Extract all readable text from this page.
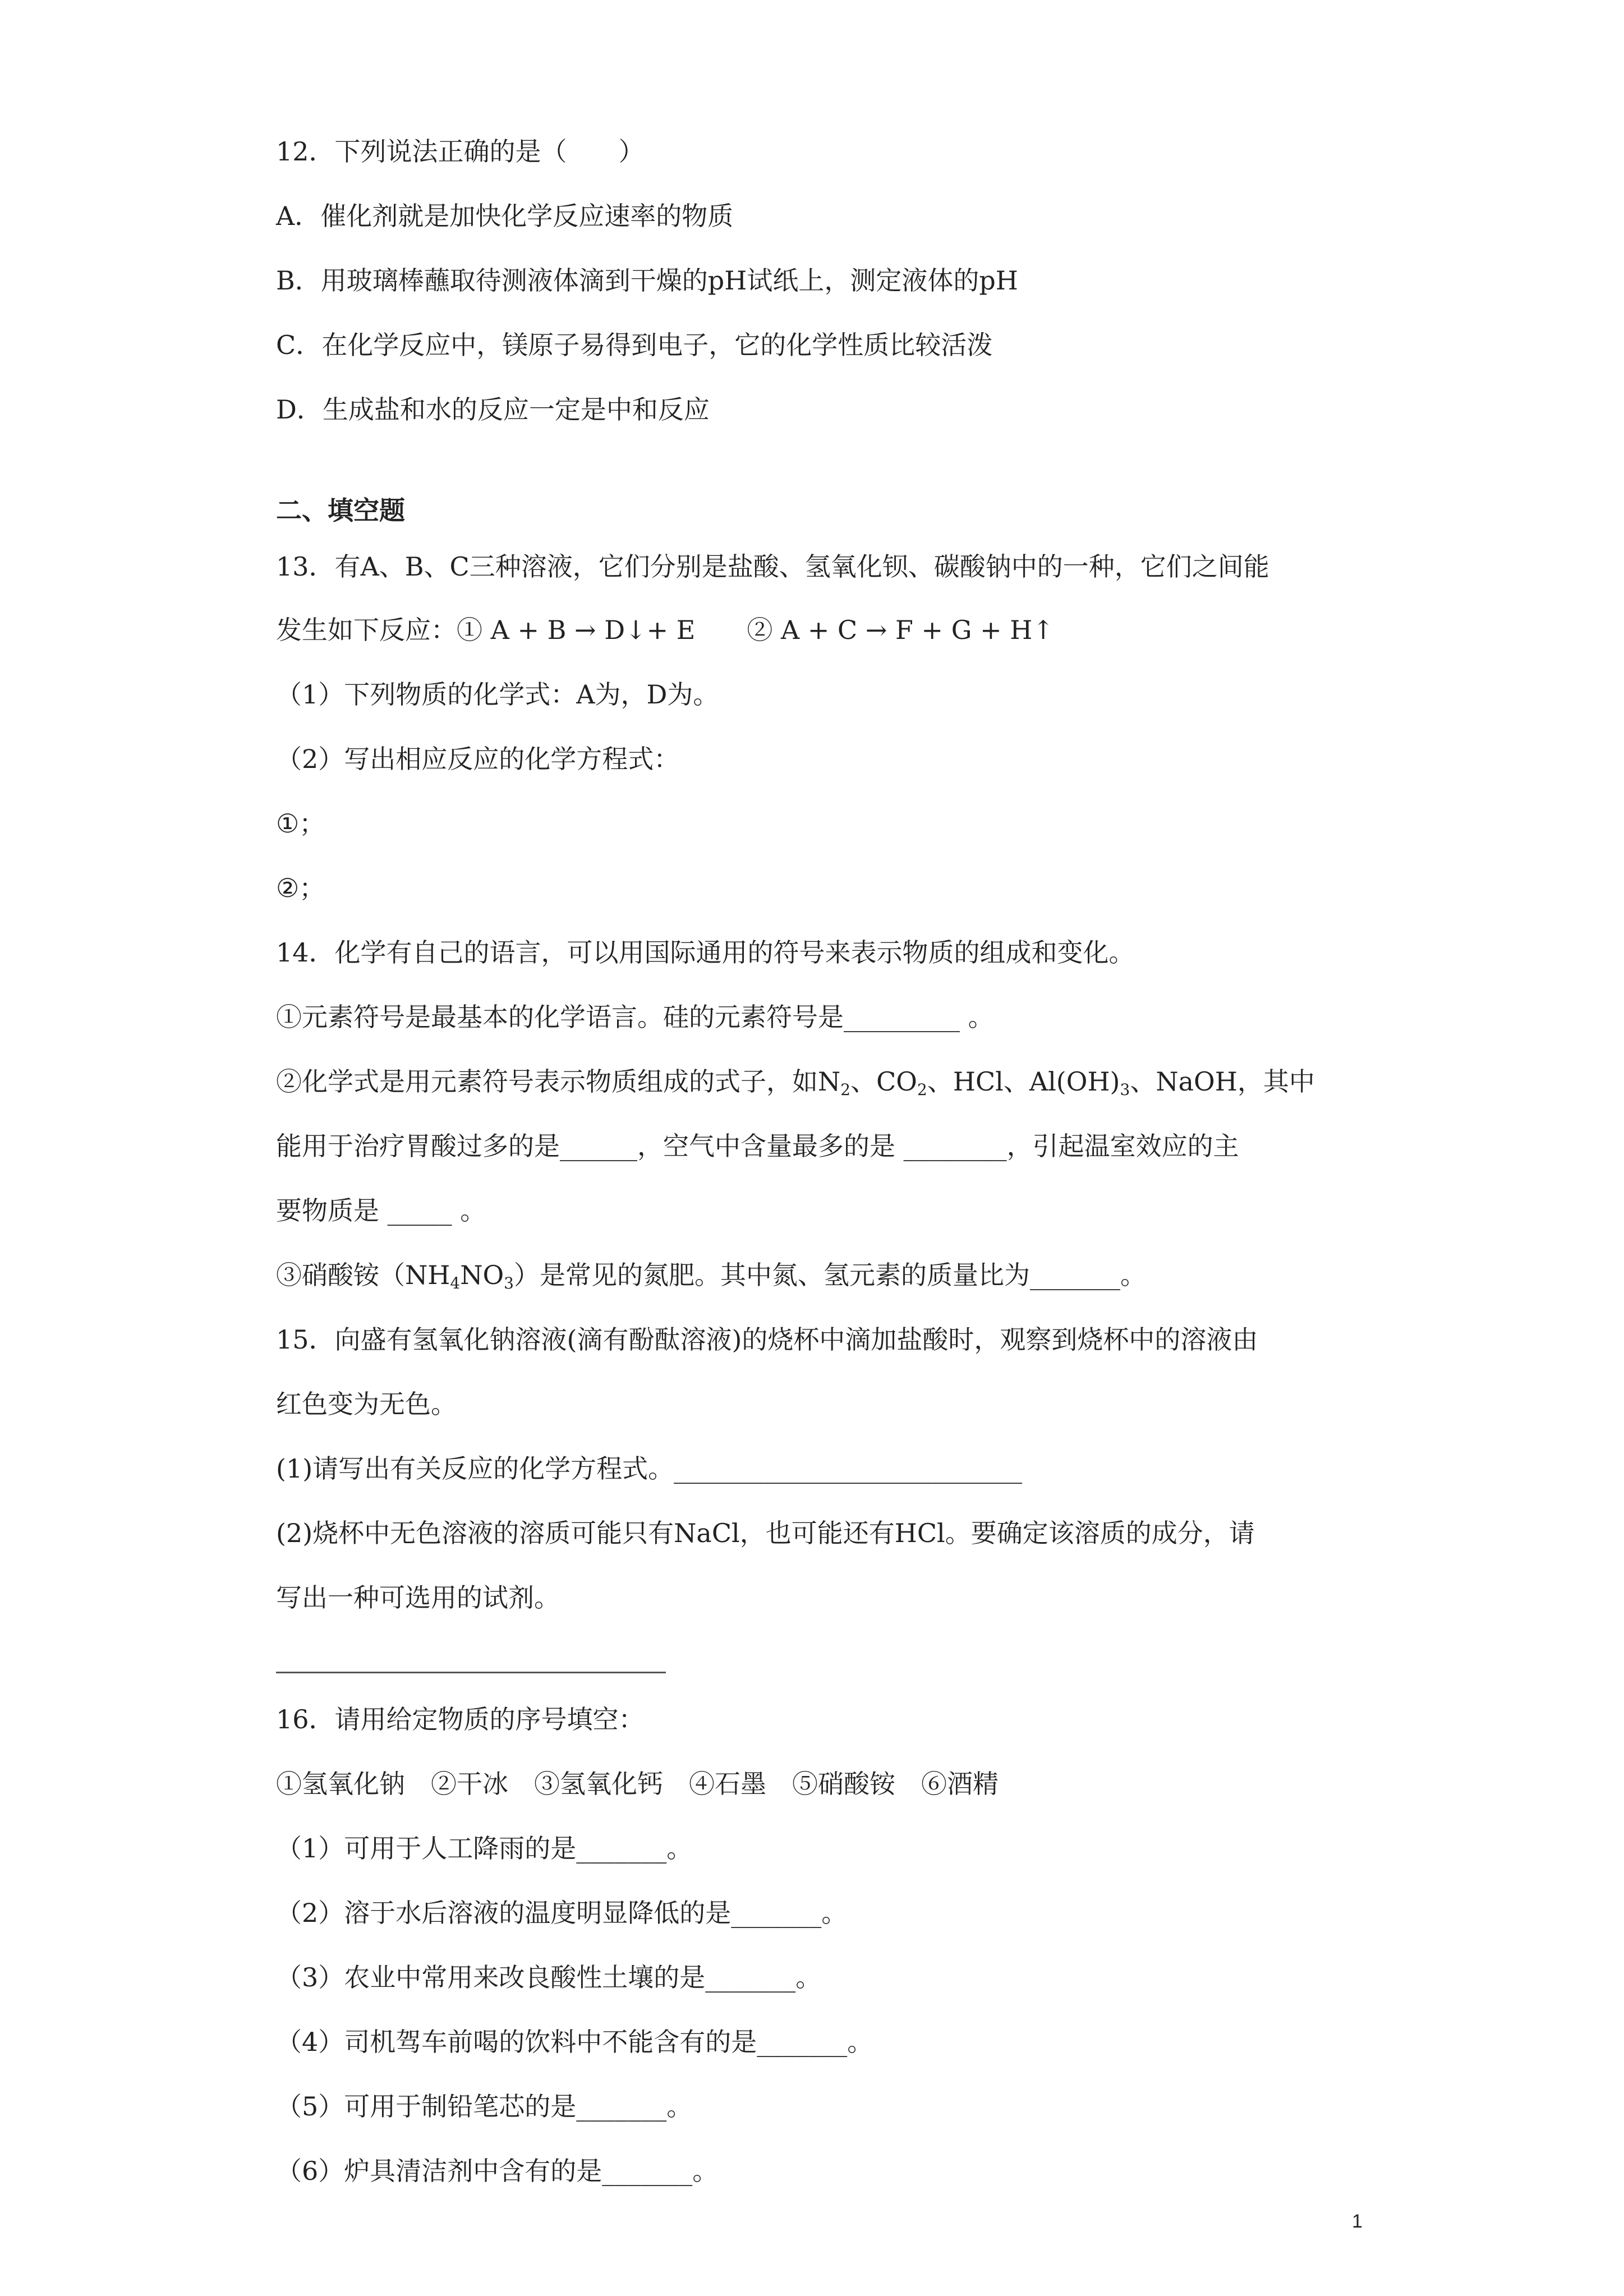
12．下列说法正确的是（　　）
A．催化剂就是加快化学反应速率的物质
B．用玻璃棒蘸取待测液体滴到干燥的pH试纸上，测定液体的pH
C．在化学反应中，镁原子易得到电子，它的化学性质比较活泼
D．生成盐和水的反应一定是中和反应
二、填空题
13．有A、B、C三种溶液，它们分别是盐酸、氢氧化钡、碳酸钠中的一种，它们之间能
发生如下反应：① A + B → D↓+ E　　② A + C → F + G + H↑
（1）下列物质的化学式：A为，D为。
（2）写出相应反应的化学方程式：
①；
②；
14．化学有自己的语言，可以用国际通用的符号来表示物质的组成和变化。
①元素符号是最基本的化学语言。硅的元素符号是_________ 。
②化学式是用元素符号表示物质组成的式子，如$N_2$、$CO_2$、HCl、$Al(OH)_3$、NaOH，其中
能用于治疗胃酸过多的是______，空气中含量最多的是 ________，引起温室效应的主
要物质是 _____ 。
③硝酸铵$(NH_4NO_3)$是常见的氮肥。其中氮、氢元素的质量比为_______。
15．向盛有氢氧化钠溶液(滴有酚酞溶液)的烧杯中滴加盐酸时，观察到烧杯中的溶液由
红色变为无色。
(1)请写出有关反应的化学方程式。___________________________
(2)烧杯中无色溶液的溶质可能只有NaCl，也可能还有HCl。要确定该溶质的成分，请
写出一种可选用的试剂。
16．请用给定物质的序号填空：
①氢氧化钠　②干冰　③氢氧化钙　④石墨　⑤硝酸铵　⑥酒精
（1）可用于人工降雨的是_______。
（2）溶于水后溶液的温度明显降低的是_______。
（3）农业中常用来改良酸性土壤的是_______。
（4）司机驾车前喝的饮料中不能含有的是_______。
（5）可用于制铅笔芯的是_______。
（6）炉具清洁剂中含有的是_______。
1
